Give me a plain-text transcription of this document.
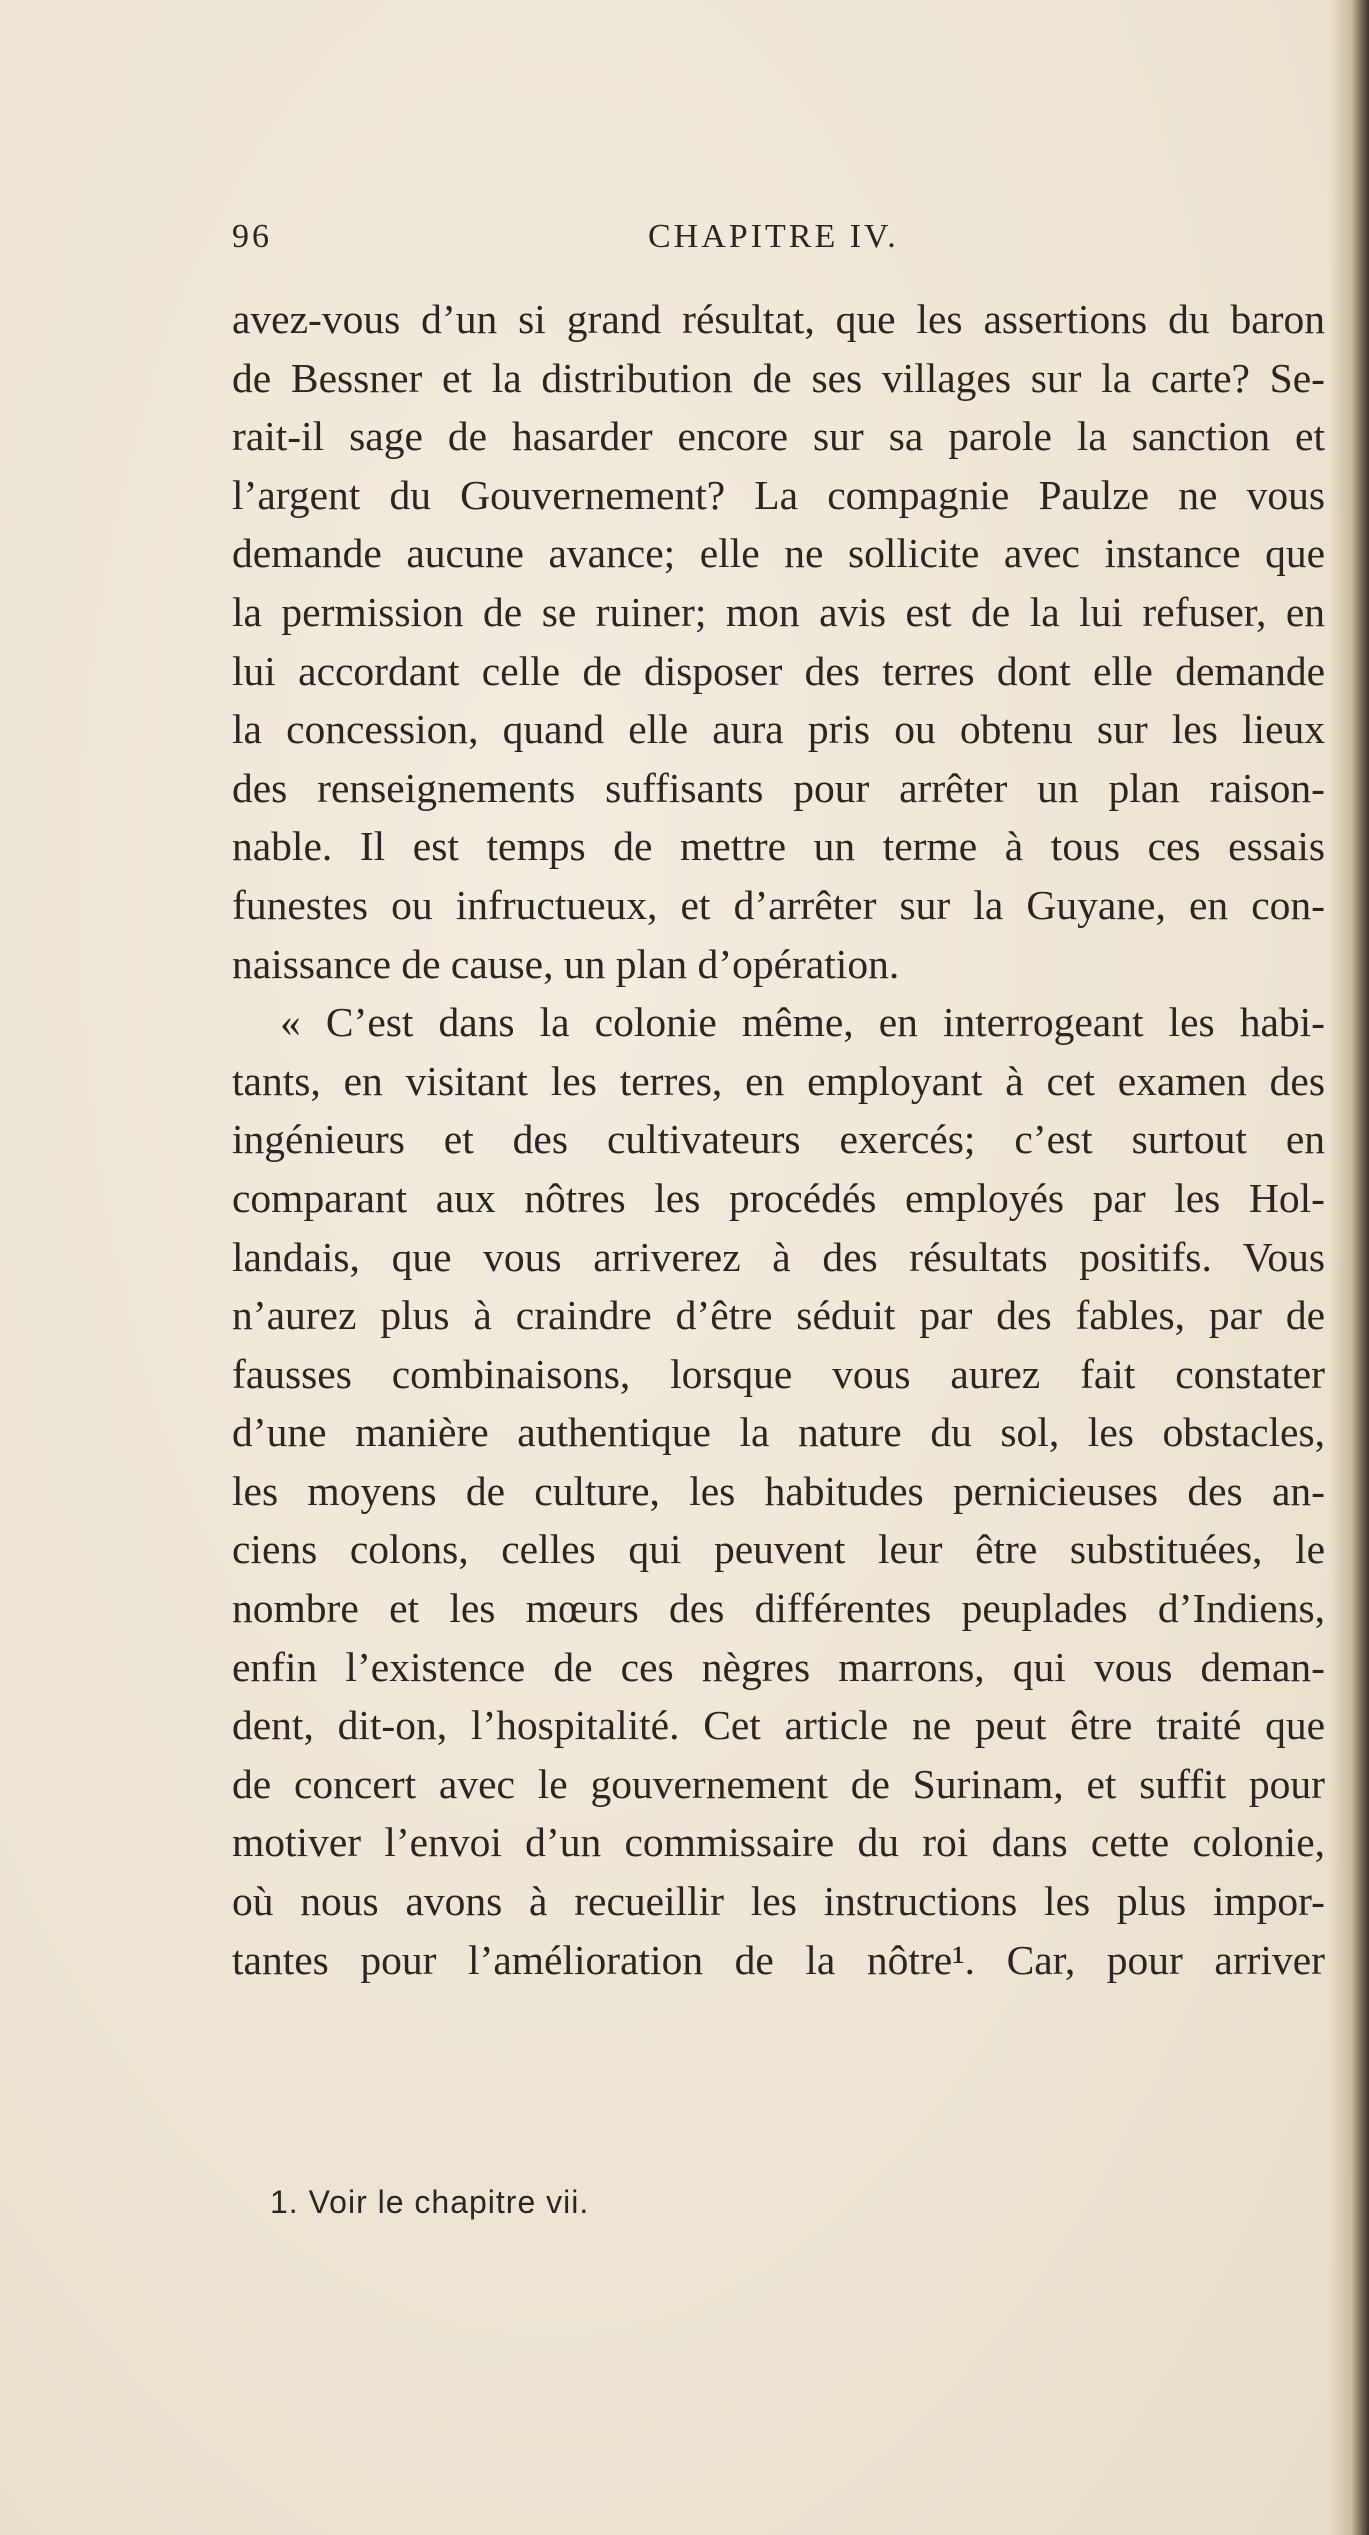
96	CHAPITRE IV.
avez-vous d’un si grand résultat, que les assertions du baron
de Bessner et la distribution de ses villages sur la carte? Se-
rait-il sage de hasarder encore sur sa parole la sanction et
l’argent du Gouvernement? La compagnie Paulze ne vous
demande aucune avance; elle ne sollicite avec instance que
la permission de se ruiner; mon avis est de la lui refuser, en
lui accordant celle de disposer des terres dont elle demande
la concession, quand elle aura pris ou obtenu sur les lieux
des renseignements suffisants pour arrêter un plan raison-
nable. Il est temps de mettre un terme à tous ces essais
funestes ou infructueux, et d’arrêter sur la Guyane, en con-
naissance de cause, un plan d’opération.
« C’est dans la colonie même, en interrogeant les habi-
tants, en visitant les terres, en employant à cet examen des
ingénieurs et des cultivateurs exercés; c’est surtout en
comparant aux nôtres les procédés employés par les Hol-
landais, que vous arriverez à des résultats positifs. Vous
n’aurez plus à craindre d’être séduit par des fables, par de
fausses combinaisons, lorsque vous aurez fait constater
d’une manière authentique la nature du sol, les obstacles,
les moyens de culture, les habitudes pernicieuses des an-
ciens colons, celles qui peuvent leur être substituées, le
nombre et les mœurs des différentes peuplades d’Indiens,
enfin l’existence de ces nègres marrons, qui vous deman-
dent, dit-on, l’hospitalité. Cet article ne peut être traité que
de concert avec le gouvernement de Surinam, et suffit pour
motiver l’envoi d’un commissaire du roi dans cette colonie,
où nous avons à recueillir les instructions les plus impor-
tantes pour l’amélioration de la nôtre¹. Car, pour arriver
1. Voir le chapitre vii.
